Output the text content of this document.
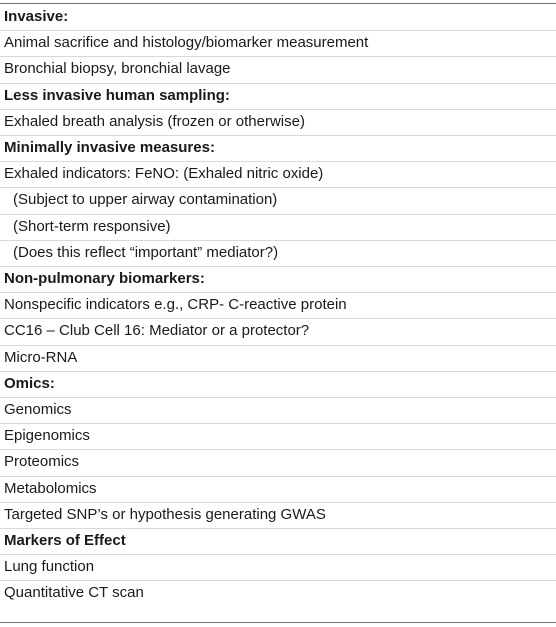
Invasive:
Animal sacrifice and histology/biomarker measurement
Bronchial biopsy, bronchial lavage
Less invasive human sampling:
Exhaled breath analysis (frozen or otherwise)
Minimally invasive measures:
Exhaled indicators: FeNO: (Exhaled nitric oxide)
(Subject to upper airway contamination)
(Short-term responsive)
(Does this reflect “important” mediator?)
Non-pulmonary biomarkers:
Nonspecific indicators e.g., CRP- C-reactive protein
CC16 – Club Cell 16: Mediator or a protector?
Micro-RNA
Omics:
Genomics
Epigenomics
Proteomics
Metabolomics
Targeted SNP’s or hypothesis generating GWAS
Markers of Effect
Lung function
Quantitative CT scan
